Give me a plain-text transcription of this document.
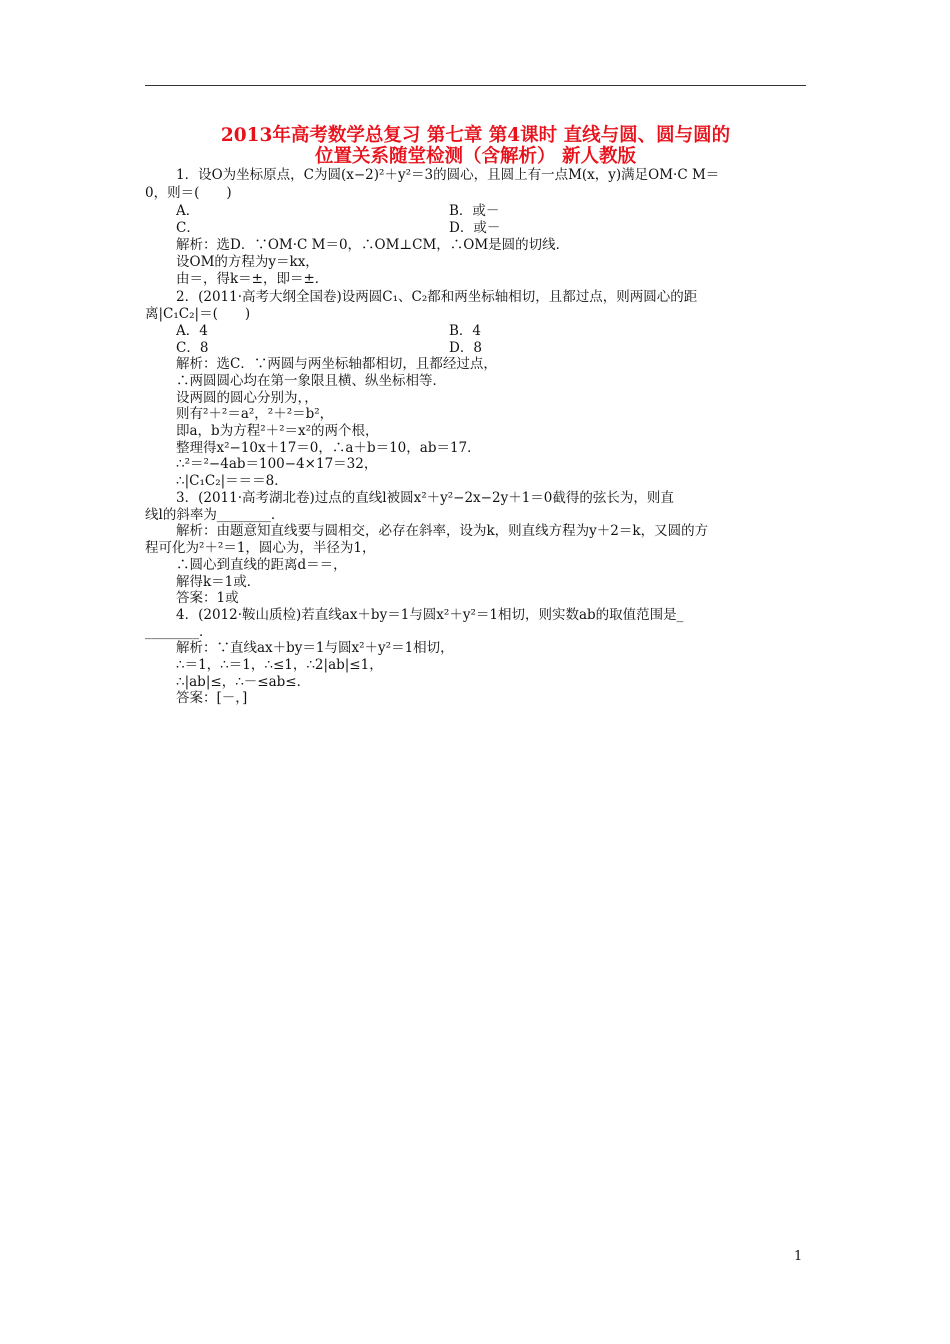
2013年高考数学总复习 第七章 第4课时 直线与圆、圆与圆的
位置关系随堂检测（含解析） 新人教版

1．设O为坐标原点，C为圆(x−2)²＋y²＝3的圆心，且圆上有一点M(x，y)满足OM·C M＝

0，则＝(　　)

A．	B．或－

C．	D．或－

解析：选D．∵OM·C M＝0，∴OM⊥CM，∴OM是圆的切线．

设OM的方程为y＝kx，

由＝，得k＝±，即＝±．

2．(2011·高考大纲全国卷)设两圆C₁、C₂都和两坐标轴相切，且都过点，则两圆心的距

离|C₁C₂|＝(　　)

A．4	B．4

C．8	D．8

解析：选C．∵两圆与两坐标轴都相切，且都经过点，

∴两圆圆心均在第一象限且横、纵坐标相等．

设两圆的圆心分别为，，

则有²＋²＝a²，²＋²＝b²，

即a，b为方程²＋²＝x²的两个根，

整理得x²−10x＋17＝0，∴a＋b＝10，ab＝17．

∴²＝²−4ab＝100−4×17＝32，

∴|C₁C₂|＝＝＝8．

3．(2011·高考湖北卷)过点的直线l被圆x²＋y²−2x−2y＋1＝0截得的弦长为，则直

线l的斜率为________．

解析：由题意知直线要与圆相交，必存在斜率，设为k，则直线方程为y＋2＝k，又圆的方

程可化为²＋²＝1，圆心为，半径为1，

∴圆心到直线的距离d＝＝，

解得k＝1或．

答案：1或

4．(2012·鞍山质检)若直线ax＋by＝1与圆x²＋y²＝1相切，则实数ab的取值范围是_

________．

解析：∵直线ax＋by＝1与圆x²＋y²＝1相切，

∴＝1，∴＝1，∴≤1，∴2|ab|≤1，

∴|ab|≤，∴－≤ab≤．

答案：[－，]

1
